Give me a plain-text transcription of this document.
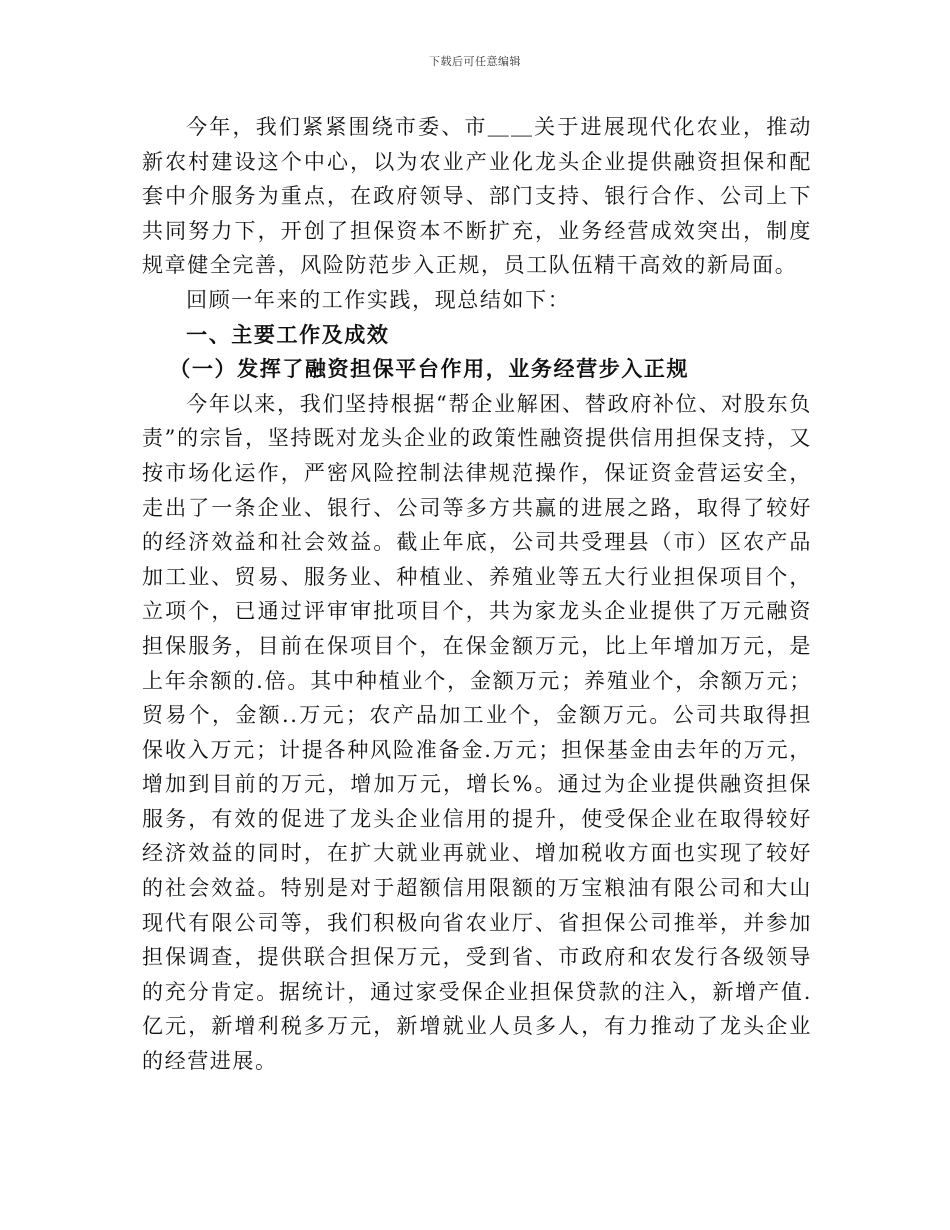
下载后可任意编辑

今年，我们紧紧围绕市委、市＿＿关于进展现代化农业，推动新农村建设这个中心，以为农业产业化龙头企业提供融资担保和配套中介服务为重点，在政府领导、部门支持、银行合作、公司上下共同努力下，开创了担保资本不断扩充，业务经营成效突出，制度规章健全完善，风险防范步入正规，员工队伍精干高效的新局面。

回顾一年来的工作实践，现总结如下：

一、主要工作及成效

（一）发挥了融资担保平台作用，业务经营步入正规

今年以来，我们坚持根据“帮企业解困、替政府补位、对股东负责”的宗旨，坚持既对龙头企业的政策性融资提供信用担保支持，又按市场化运作，严密风险控制法律规范操作，保证资金营运安全，走出了一条企业、银行、公司等多方共赢的进展之路，取得了较好的经济效益和社会效益。截止年底，公司共受理县（市）区农产品加工业、贸易、服务业、种植业、养殖业等五大行业担保项目个，立项个，已通过评审审批项目个，共为家龙头企业提供了万元融资担保服务，目前在保项目个，在保金额万元，比上年增加万元，是上年余额的.倍。其中种植业个，金额万元；养殖业个，余额万元；贸易个，金额..万元；农产品加工业个，金额万元。公司共取得担保收入万元；计提各种风险准备金.万元；担保基金由去年的万元，增加到目前的万元，增加万元，增长%。通过为企业提供融资担保服务，有效的促进了龙头企业信用的提升，使受保企业在取得较好经济效益的同时，在扩大就业再就业、增加税收方面也实现了较好的社会效益。特别是对于超额信用限额的万宝粮油有限公司和大山现代有限公司等，我们积极向省农业厅、省担保公司推举，并参加担保调查，提供联合担保万元，受到省、市政府和农发行各级领导的充分肯定。据统计，通过家受保企业担保贷款的注入，新增产值.亿元，新增利税多万元，新增就业人员多人，有力推动了龙头企业的经营进展。
